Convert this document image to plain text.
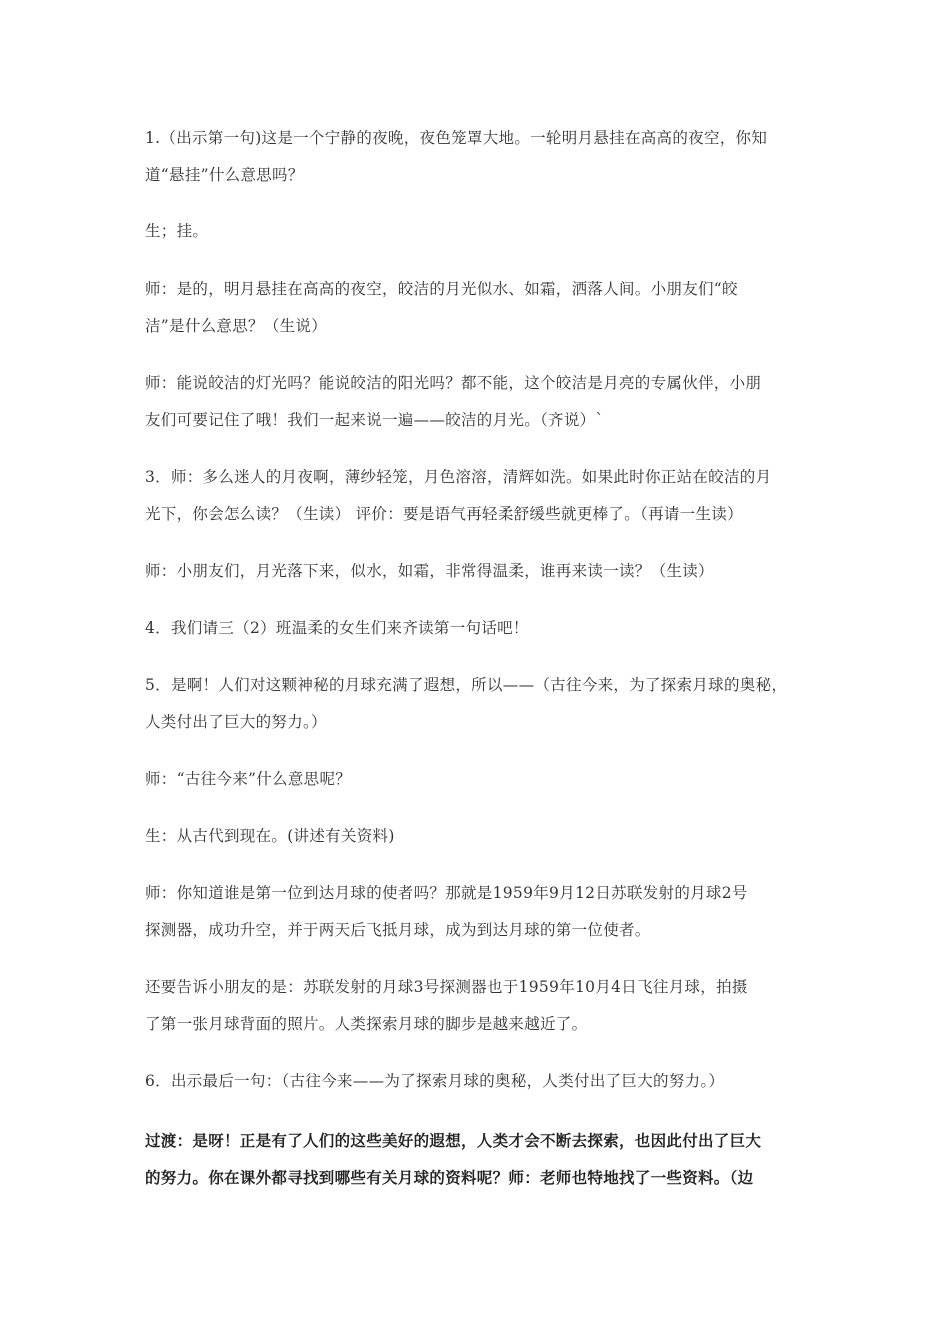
1.（出示第一句)这是一个宁静的夜晚，夜色笼罩大地。一轮明月悬挂在高高的夜空，你知
道“悬挂”什么意思吗？
生；挂。
师：是的，明月悬挂在高高的夜空，皎洁的月光似水、如霜，洒落人间。小朋友们“皎
洁”是什么意思？（生说）
师：能说皎洁的灯光吗？能说皎洁的阳光吗？都不能，这个皎洁是月亮的专属伙伴，小朋
友们可要记住了哦！我们一起来说一遍——皎洁的月光。（齐说）`
3．师：多么迷人的月夜啊，薄纱轻笼，月色溶溶，清辉如洗。如果此时你正站在皎洁的月
光下，你会怎么读？（生读） 评价：要是语气再轻柔舒缓些就更棒了。（再请一生读）
师：小朋友们，月光落下来，似水，如霜，非常得温柔，谁再来读一读？（生读）
4．我们请三（2）班温柔的女生们来齐读第一句话吧！
5．是啊！人们对这颗神秘的月球充满了遐想，所以——（古往今来，为了探索月球的奥秘，
人类付出了巨大的努力。）
师：“古往今来”什么意思呢？
生：从古代到现在。(讲述有关资料)
师：你知道谁是第一位到达月球的使者吗？那就是1959年9月12日苏联发射的月球2号
探测器，成功升空，并于两天后飞抵月球，成为到达月球的第一位使者。
还要告诉小朋友的是：苏联发射的月球3号探测器也于1959年10月4日飞往月球，拍摄
了第一张月球背面的照片。人类探索月球的脚步是越来越近了。
6．出示最后一句：（古往今来——为了探索月球的奥秘，人类付出了巨大的努力。）
过渡：是呀！正是有了人们的这些美好的遐想，人类才会不断去探索，也因此付出了巨大
的努力。你在课外都寻找到哪些有关月球的资料呢？师：老师也特地找了一些资料。（边
